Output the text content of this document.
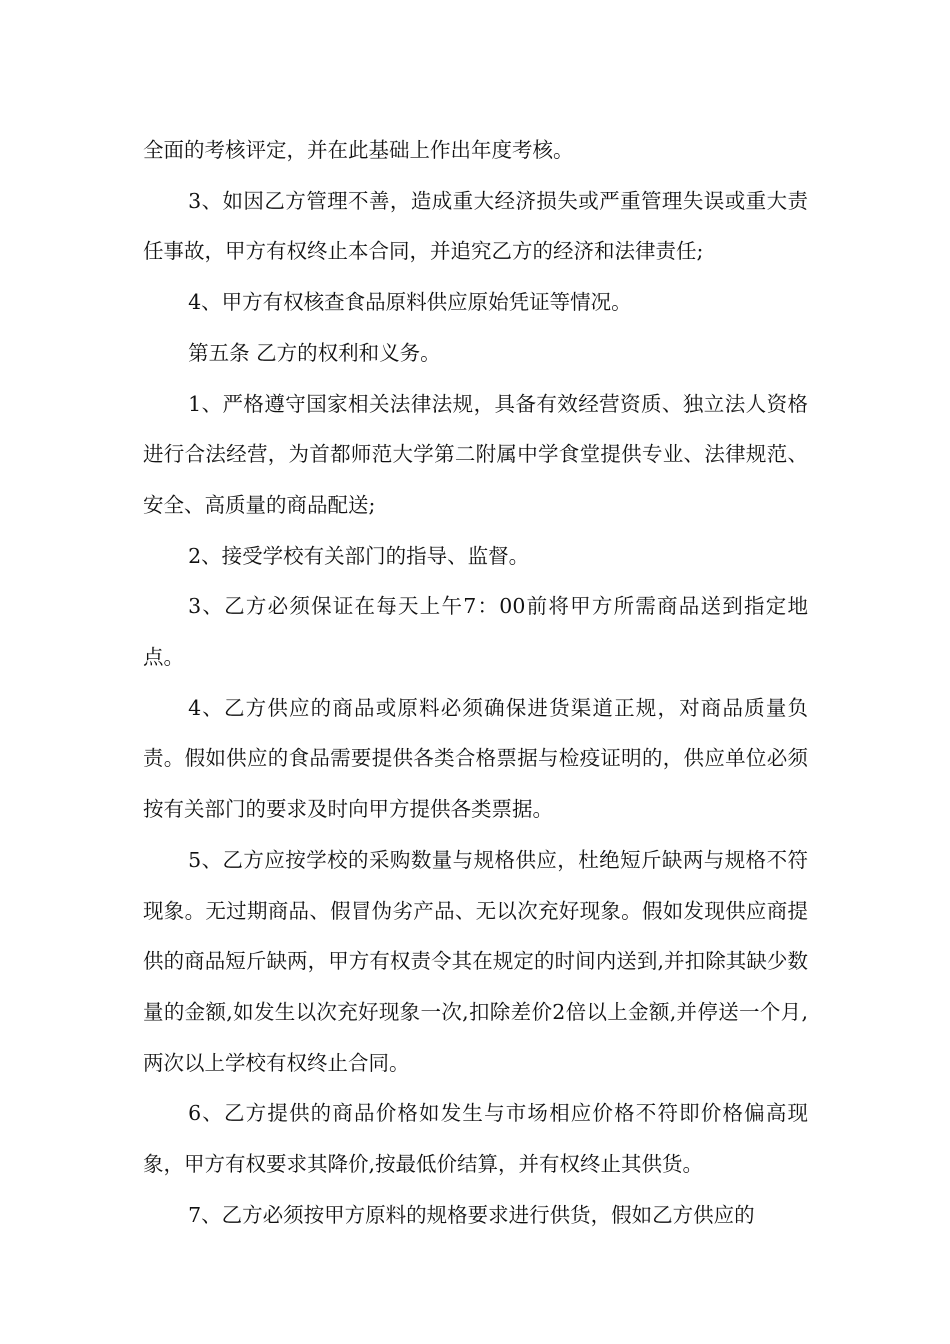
全面的考核评定，并在此基础上作出年度考核。

3、如因乙方管理不善，造成重大经济损失或严重管理失误或重大责任事故，甲方有权终止本合同，并追究乙方的经济和法律责任;

4、甲方有权核查食品原料供应原始凭证等情况。

第五条 乙方的权利和义务。

1、严格遵守国家相关法律法规，具备有效经营资质、独立法人资格进行合法经营，为首都师范大学第二附属中学食堂提供专业、法律规范、安全、高质量的商品配送;

2、接受学校有关部门的指导、监督。

3、乙方必须保证在每天上午7：00前将甲方所需商品送到指定地点。

4、乙方供应的商品或原料必须确保进货渠道正规，对商品质量负责。假如供应的食品需要提供各类合格票据与检疫证明的，供应单位必须按有关部门的要求及时向甲方提供各类票据。

5、乙方应按学校的采购数量与规格供应，杜绝短斤缺两与规格不符现象。无过期商品、假冒伪劣产品、无以次充好现象。假如发现供应商提供的商品短斤缺两，甲方有权责令其在规定的时间内送到,并扣除其缺少数量的金额,如发生以次充好现象一次,扣除差价2倍以上金额,并停送一个月,两次以上学校有权终止合同。

6、乙方提供的商品价格如发生与市场相应价格不符即价格偏高现象，甲方有权要求其降价,按最低价结算，并有权终止其供货。

7、乙方必须按甲方原料的规格要求进行供货，假如乙方供应的
